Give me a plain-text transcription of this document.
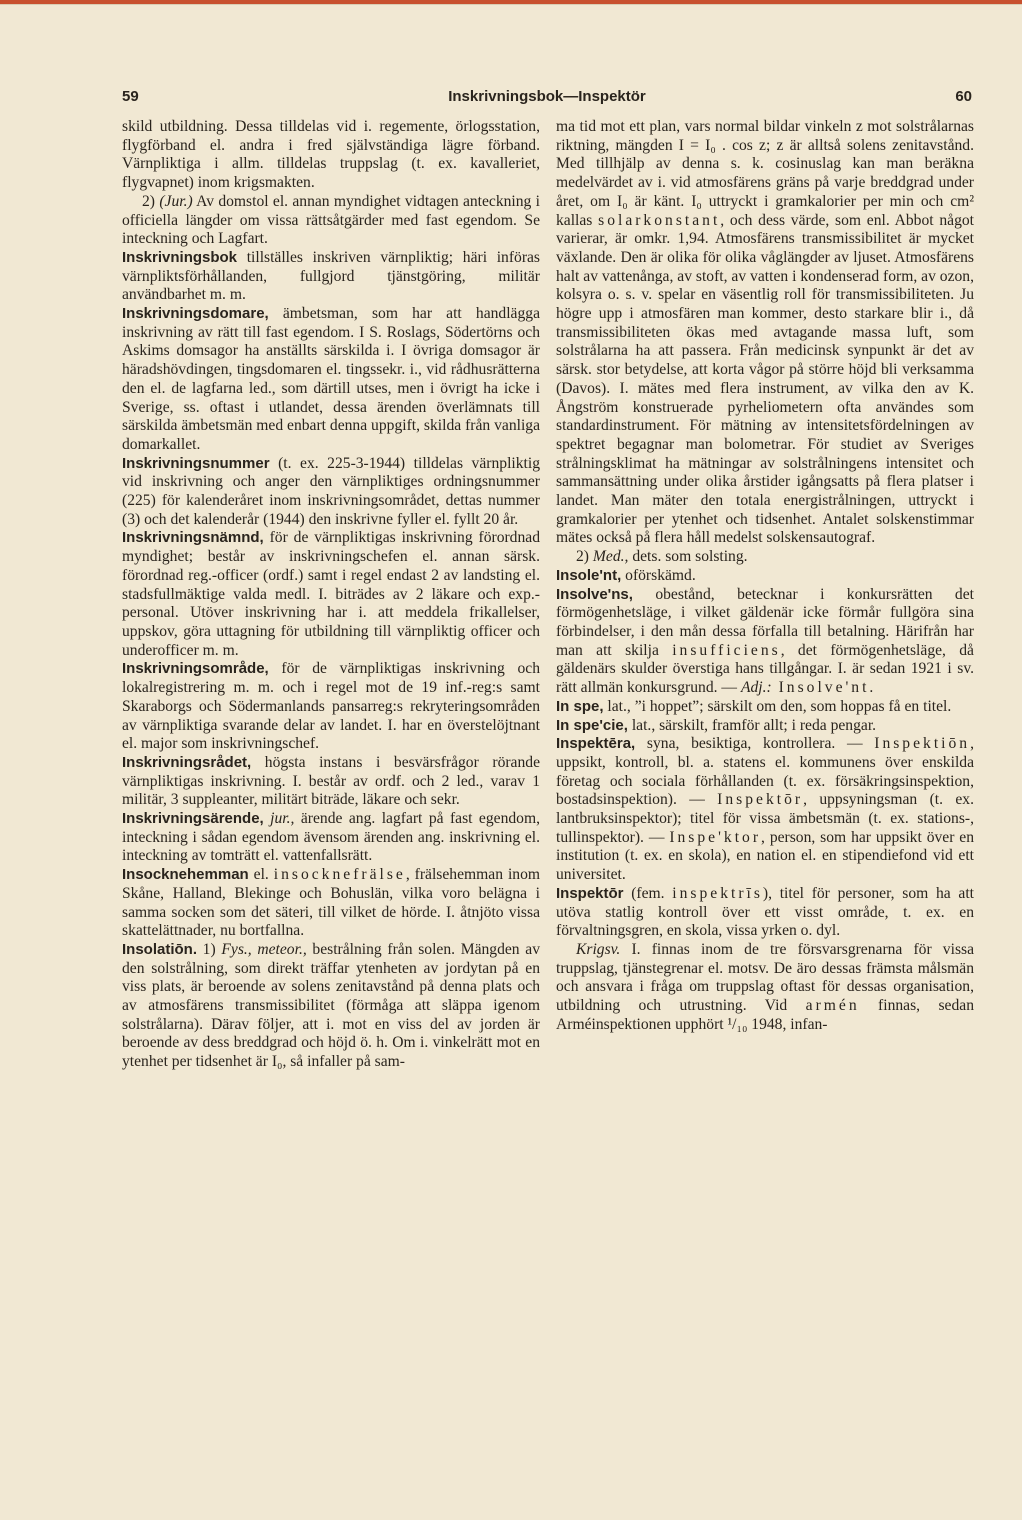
59	Inskrivningsbok—Inspektör	60

skild utbildning. Dessa tilldelas vid i. regemente, örlogsstation, flygförband el. andra i fred självständiga lägre förband. Värnpliktiga i allm. tilldelas truppslag (t. ex. kavalleriet, flygvapnet) inom krigsmakten.

2) (Jur.) Av domstol el. annan myndighet vidtagen anteckning i officiella längder om vissa rättsåtgärder med fast egendom. Se inteckning och Lagfart.

Inskrivningsbok tillställes inskriven värnpliktig; häri införas värnpliktsförhållanden, fullgjord tjänstgöring, militär användbarhet m. m.

Inskrivningsdomare, ämbetsman, som har att handlägga inskrivning av rätt till fast egendom. I S. Roslags, Södertörns och Askims domsagor ha anställts särskilda i. I övriga domsagor är häradshövdingen, tingsdomaren el. tingssekr. i., vid rådhusrätterna den el. de lagfarna led., som därtill utses, men i övrigt ha icke i Sverige, ss. oftast i utlandet, dessa ärenden överlämnats till särskilda ämbetsmän med enbart denna uppgift, skilda från vanliga domarkallet.

Inskrivningsnummer (t. ex. 225-3-1944) tilldelas värnpliktig vid inskrivning och anger den värnpliktiges ordningsnummer (225) för kalenderåret inom inskrivningsområdet, dettas nummer (3) och det kalenderår (1944) den inskrivne fyller el. fyllt 20 år.

Inskrivningsnämnd, för de värnpliktigas inskrivning förordnad myndighet; består av inskrivningschefen el. annan särsk. förordnad reg.-officer (ordf.) samt i regel endast 2 av landsting el. stadsfullmäktige valda medl. I. biträdes av 2 läkare och exp.-personal. Utöver inskrivning har i. att meddela frikallelser, uppskov, göra uttagning för utbildning till värnpliktig officer och underofficer m. m.

Inskrivningsområde, för de värnpliktigas inskrivning och lokalregistrering m. m. och i regel mot de 19 inf.-reg:s samt Skaraborgs och Södermanlands pansarreg:s rekryteringsområden av värnpliktiga svarande delar av landet. I. har en överstelöjtnant el. major som inskrivningschef.

Inskrivningsrådet, högsta instans i besvärsfrågor rörande värnpliktigas inskrivning. I. består av ordf. och 2 led., varav 1 militär, 3 suppleanter, militärt biträde, läkare och sekr.

Inskrivningsärende, jur., ärende ang. lagfart på fast egendom, inteckning i sådan egendom ävensom ärenden ang. inskrivning el. inteckning av tomträtt el. vattenfallsrätt.

Insocknehemman el. insocknefrälse, frälsehemman inom Skåne, Halland, Blekinge och Bohuslän, vilka voro belägna i samma socken som det säteri, till vilket de hörde. I. åtnjöto vissa skattelättnader, nu bortfallna.

Insolatiōn. 1) Fys., meteor., bestrålning från solen. Mängden av den solstrålning, som direkt träffar ytenheten av jordytan på en viss plats, är beroende av solens zenitavstånd på denna plats och av atmosfärens transmissibilitet (förmåga att släppa igenom solstrålarna). Därav följer, att i. mot en viss del av jorden är beroende av dess breddgrad och höjd ö. h. Om i. vinkelrätt mot en ytenhet per tidsenhet är I₀, så infaller på sam-

ma tid mot ett plan, vars normal bildar vinkeln z mot solstrålarnas riktning, mängden I = I₀ . cos z; z är alltså solens zenitavstånd. Med tillhjälp av denna s. k. cosinuslag kan man beräkna medelvärdet av i. vid atmosfärens gräns på varje breddgrad under året, om I₀ är känt. I₀ uttryckt i gramkalorier per min och cm² kallas solarkonstant, och dess värde, som enl. Abbot något varierar, är omkr. 1,94. Atmosfärens transmissibilitet är mycket växlande. Den är olika för olika våglängder av ljuset. Atmosfärens halt av vattenånga, av stoft, av vatten i kondenserad form, av ozon, kolsyra o. s. v. spelar en väsentlig roll för transmissibiliteten. Ju högre upp i atmosfären man kommer, desto starkare blir i., då transmissibiliteten ökas med avtagande massa luft, som solstrålarna ha att passera. Från medicinsk synpunkt är det av särsk. stor betydelse, att korta vågor på större höjd bli verksamma (Davos). I. mätes med flera instrument, av vilka den av K. Ångström konstruerade pyrheliometern ofta användes som standardinstrument. För mätning av intensitetsfördelningen av spektret begagnar man bolometrar. För studiet av Sveriges strålningsklimat ha mätningar av solstrålningens intensitet och sammansättning under olika årstider igångsatts på flera platser i landet. Man mäter den totala energistrålningen, uttryckt i gramkalorier per ytenhet och tidsenhet. Antalet solskenstimmar mätes också på flera håll medelst solskensautograf.

2) Med., dets. som solsting.

Insole'nt, oförskämd.

Insolve'ns, obestånd, betecknar i konkursrätten det förmögenhetsläge, i vilket gäldenär icke förmår fullgöra sina förbindelser, i den mån dessa förfalla till betalning. Härifrån har man att skilja insufficiens, det förmögenhetsläge, då gäldenärs skulder överstiga hans tillgångar. I. är sedan 1921 i sv. rätt allmän konkursgrund. — Adj.: Insolve'nt.

In spe, lat., ”i hoppet”; särskilt om den, som hoppas få en titel.

In spe'cie, lat., särskilt, framför allt; i reda pengar.

Inspektēra, syna, besiktiga, kontrollera. — Inspektiōn, uppsikt, kontroll, bl. a. statens el. kommunens över enskilda företag och sociala förhållanden (t. ex. försäkringsinspektion, bostadsinspektion). — Inspektōr, uppsyningsman (t. ex. lantbruksinspektor); titel för vissa ämbetsmän (t. ex. stations-, tullinspektor). — Inspe'ktor, person, som har uppsikt över en institution (t. ex. en skola), en nation el. en stipendiefond vid ett universitet.

Inspektōr (fem. inspektrīs), titel för personer, som ha att utöva statlig kontroll över ett visst område, t. ex. en förvaltningsgren, en skola, vissa yrken o. dyl.

Krigsv. I. finnas inom de tre försvarsgrenarna för vissa truppslag, tjänstegrenar el. motsv. De äro dessas främsta målsmän och ansvara i fråga om truppslag oftast för dessas organisation, utbildning och utrustning. Vid armén finnas, sedan Arméinspektionen upphört ¹/₁₀ 1948, infan-
